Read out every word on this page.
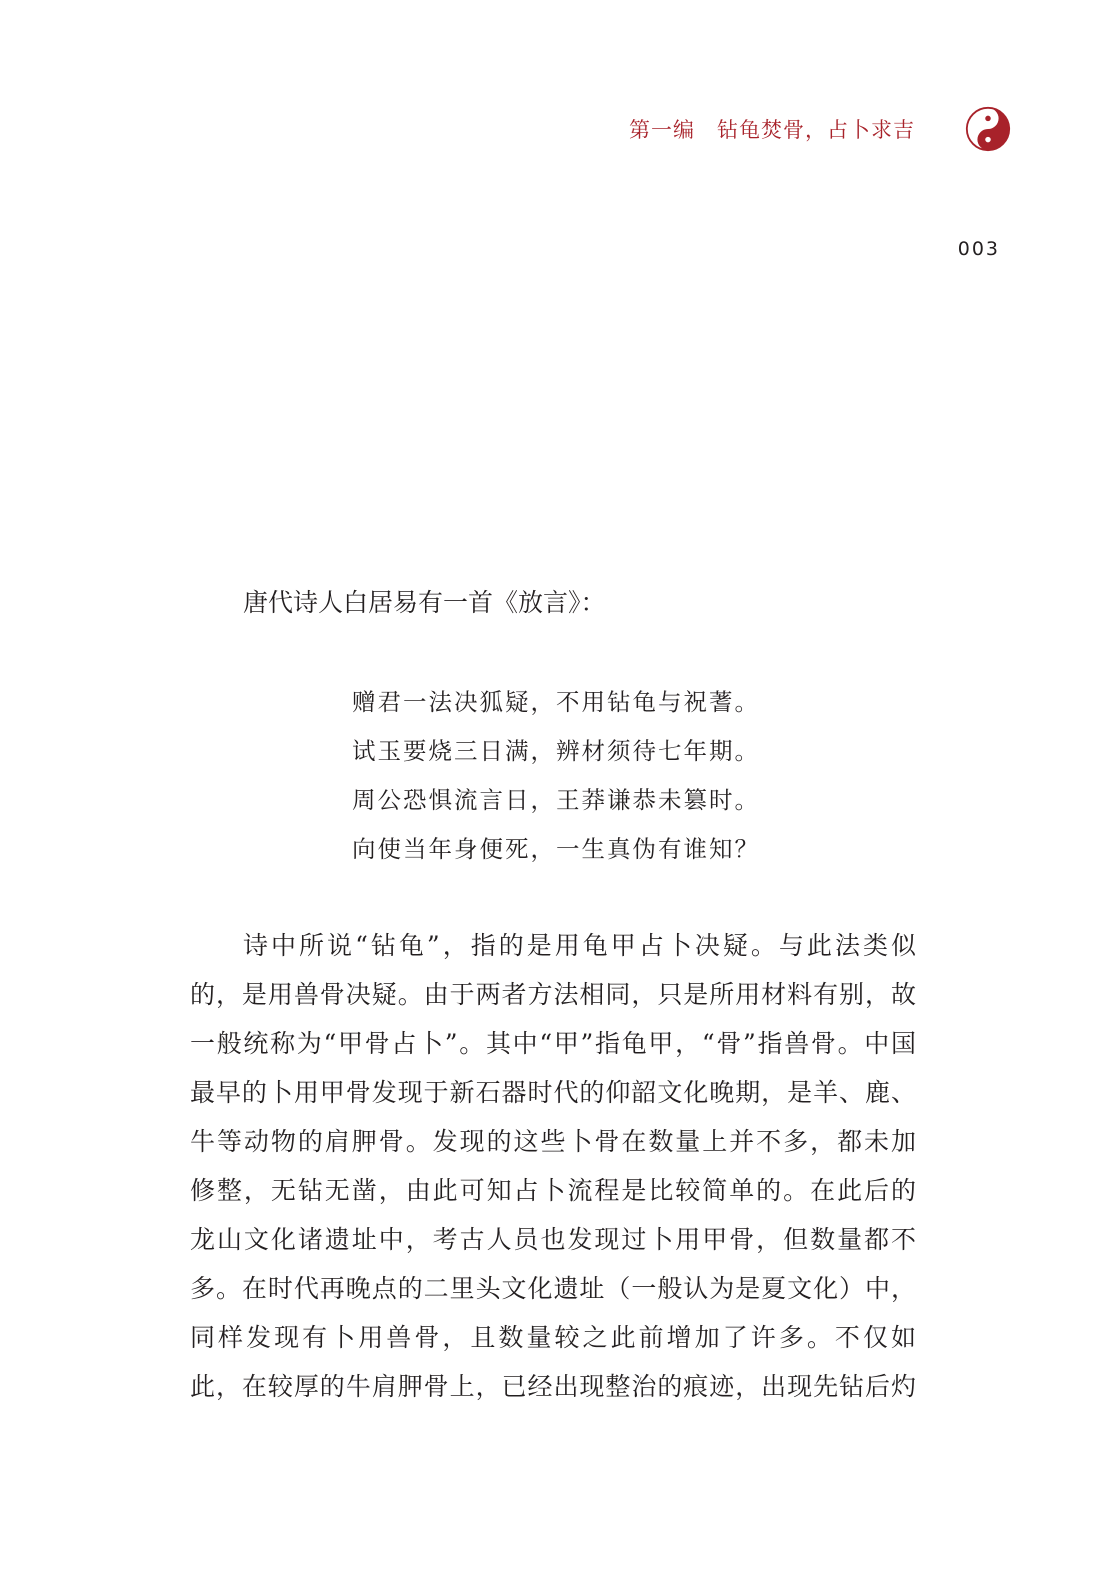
第一编 钻龟焚骨，占卜求吉
003
唐代诗人白居易有一首《放言》：
赠君一法决狐疑，不用钻龟与祝蓍。
试玉要烧三日满，辨材须待七年期。
周公恐惧流言日，王莽谦恭未篡时。
向使当年身便死，一生真伪有谁知？
诗中所说“钻龟”，指的是用龟甲占卜决疑。与此法类似
的，是用兽骨决疑。由于两者方法相同，只是所用材料有别，故
一般统称为“甲骨占卜”。其中“甲”指龟甲，“骨”指兽骨。中国
最早的卜用甲骨发现于新石器时代的仰韶文化晚期，是羊、鹿、
牛等动物的肩胛骨。发现的这些卜骨在数量上并不多，都未加
修整，无钻无凿，由此可知占卜流程是比较简单的。在此后的
龙山文化诸遗址中，考古人员也发现过卜用甲骨，但数量都不
多。在时代再晚点的二里头文化遗址（一般认为是夏文化）中，
同样发现有卜用兽骨，且数量较之此前增加了许多。不仅如
此，在较厚的牛肩胛骨上，已经出现整治的痕迹，出现先钻后灼
